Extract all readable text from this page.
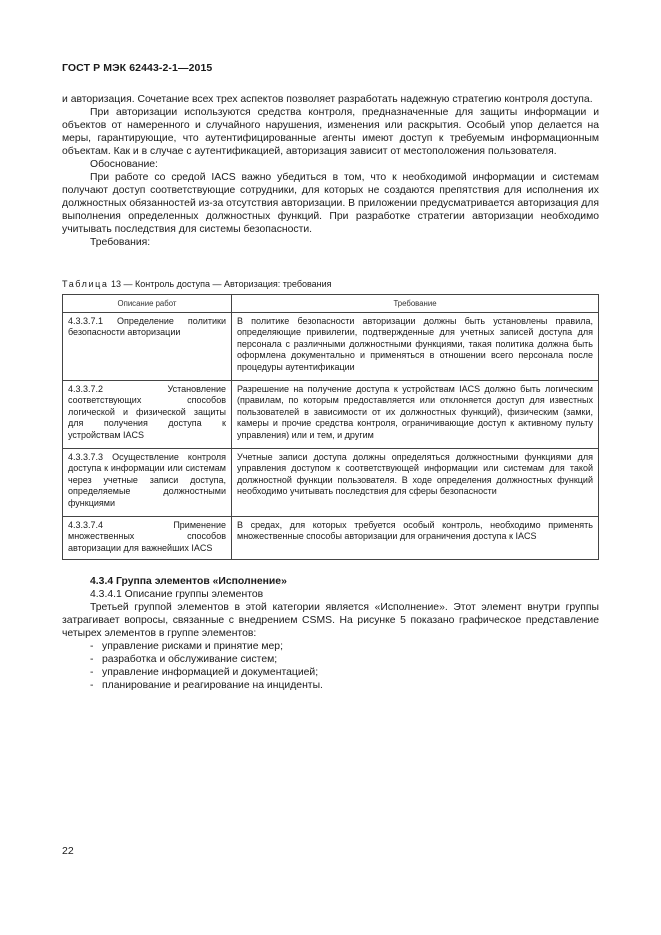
ГОСТ Р МЭК 62443-2-1—2015

и авторизация. Сочетание всех трех аспектов позволяет разработать надежную стратегию контроля доступа.

При авторизации используются средства контроля, предназначенные для защиты информации и объектов от намеренного и случайного нарушения, изменения или раскрытия. Особый упор делается на меры, гарантирующие, что аутентифицированные агенты имеют доступ к требуемым информационным объектам. Как и в случае с аутентификацией, авторизация зависит от местоположения пользователя.

Обоснование:

При работе со средой IACS важно убедиться в том, что к необходимой информации и системам получают доступ соответствующие сотрудники, для которых не создаются препятствия для исполнения их должностных обязанностей из-за отсутствия авторизации. В приложении предусматривается авторизация для выполнения определенных должностных функций. При разработке стратегии авторизации необходимо учитывать последствия для системы безопасности.

Требования:

Таблица 13 — Контроль доступа — Авторизация: требования
Описание работ	Требование
4.3.3.7.1 Определение политики безопасности авторизации	В политике безопасности авторизации должны быть установлены правила, определяющие привилегии, подтвержденные для учетных записей доступа для персонала с различными должностными функциями, такая политика должна быть оформлена документально и применяться в отношении всего персонала после процедуры аутентификации
4.3.3.7.2 Установление соответствующих способов логической и физической защиты для получения доступа к устройствам IACS	Разрешение на получение доступа к устройствам IACS должно быть логическим (правилам, по которым предоставляется или отклоняется доступ для известных пользователей в зависимости от их должностных функций), физическим (замки, камеры и прочие средства контроля, ограничивающие доступ к активному пульту управления) или и тем, и другим
4.3.3.7.3 Осуществление контроля доступа к информации или системам через учетные записи доступа, определяемые должностными функциями	Учетные записи доступа должны определяться должностными функциями для управления доступом к соответствующей информации или системам для такой должностной функции пользователя. В ходе определения должностных функций необходимо учитывать последствия для сферы безопасности
4.3.3.7.4 Применение множественных способов авторизации для важнейших IACS	В средах, для которых требуется особый контроль, необходимо применять множественные способы авторизации для ограничения доступа к IACS

4.3.4 Группа элементов «Исполнение»

4.3.4.1 Описание группы элементов

Третьей группой элементов в этой категории является «Исполнение». Этот элемент внутри группы затрагивает вопросы, связанные с внедрением CSMS. На рисунке 5 показано графическое представление четырех элементов в группе элементов:

- управление рисками и принятие мер;
- разработка и обслуживание систем;
- управление информацией и документацией;
- планирование и реагирование на инциденты.
22
